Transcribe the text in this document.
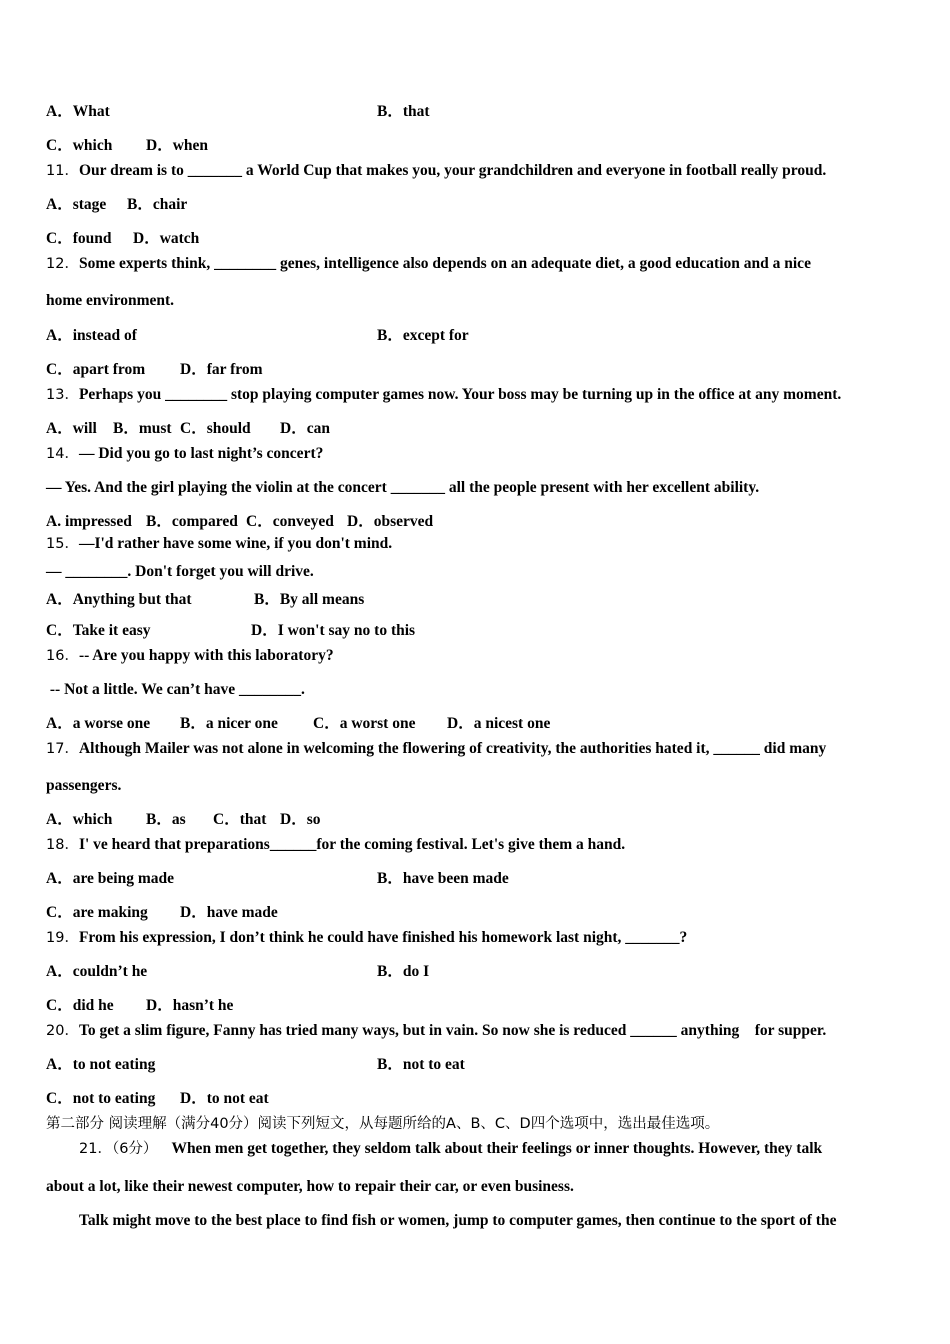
A．What	B．that
C．which D．when
11．Our dream is to _______ a World Cup that makes you, your grandchildren and everyone in football really proud.
A．stage B．chair
C．found D．watch
12．Some experts think, ________ genes, intelligence also depends on an adequate diet, a good education and a nice
home environment.
A．instead of	B．except for
C．apart from D．far from
13．Perhaps you ________ stop playing computer games now. Your boss may be turning up in the office at any moment.
A．will B．must C．should D．can
14．— Did you go to last night’s concert?
— Yes. And the girl playing the violin at the concert _______ all the people present with her excellent ability.
A. impressed B．compared C．conveyed D．observed
15．—I'd rather have some wine, if you don't mind.
— ________. Don't forget you will drive.
A．Anything but that	B．By all means
C．Take it easy	D．I won't say no to this
16．-- Are you happy with this laboratory?
-- Not a little. We can’t have ________.
A．a worse one B．a nicer one C．a worst one D．a nicest one
17．Although Mailer was not alone in welcoming the flowering of creativity, the authorities hated it, ______ did many
passengers.
A．which B．as C．that D．so
18．I' ve heard that preparations______for the coming festival. Let's give them a hand.
A．are being made	B．have been made
C．are making D．have made
19．From his expression, I don’t think he could have finished his homework last night, _______?
A．couldn’t he	B．do I
C．did he D．hasn’t he
20．To get a slim figure, Fanny has tried many ways, but in vain. So now she is reduced ______ anything    for supper.
A．to not eating	B．not to eat
C．not to eating D．to not eat
第二部分 阅读理解（满分40分）阅读下列短文，从每题所给的A、B、C、D四个选项中，选出最佳选项。
21．（6分） When men get together, they seldom talk about their feelings or inner thoughts. However, they talk
about a lot, like their newest computer, how to repair their car, or even business.
Talk might move to the best place to find fish or women, jump to computer games, then continue to the sport of the
